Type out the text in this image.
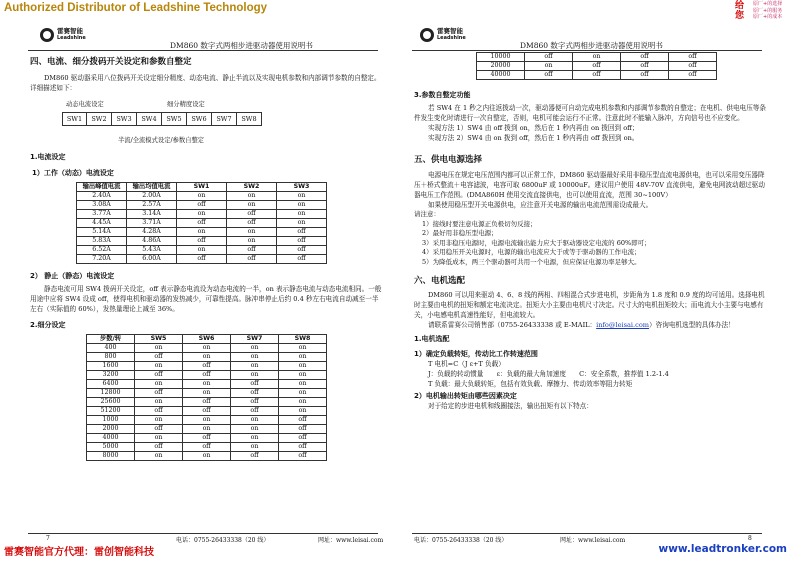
Authorized Distributor of Leadshine Technology	给
您
原厂+的选择
原厂+的服务
原厂+的成本
雷赛智能
Leadshine
DM860 数字式两相步进驱动器使用说明书
雷赛智能
Leadshine
DM860 数字式两相步进驱动器使用说明书
四、电流、细分拨码开关设定和参数自整定

DM860 驱动器采用八位拨码开关设定细分精度、动态电流、静止半流以及实现电机参数和内部调节参数的自整定。详细描述如下：

动态电流设定	细分精度设定
SW1	SW2	SW3	SW4	SW5	SW6	SW7	SW8
半流/全流模式设定/参数自整定
1.电流设定
1）工作（动态）电流设定
输出峰值电流	输出均值电流	SW1	SW2	SW3
2.40A	2.00A	on	on	on
3.08A	2.57A	off	on	on
3.77A	3.14A	on	off	on
4.45A	3.71A	off	off	on
5.14A	4.28A	on	on	off
5.83A	4.86A	off	on	off
6.52A	5.43A	on	off	off
7.20A	6.00A	off	off	off
2） 静止（静态）电流设定

静态电流可用 SW4 拨码开关设定，off 表示静态电流设为动态电流的一半，on 表示静态电流与动态电流相同。一般用途中应将 SW4 设成 off，使得电机和驱动器的发热减少，可靠性提高。脉冲串停止后约 0.4 秒左右电流自动减至一半左右（实际值的 60%），发热量理论上减至 36%。

2.细分设定
步数/转	SW5	SW6	SW7	SW8
400	on	on	on	on
800	off	on	on	on
1600	on	off	on	on
3200	off	off	on	on
6400	on	on	off	on
12800	off	on	off	on
25600	on	off	off	on
51200	off	off	off	on
1000	on	on	on	off
2000	off	on	on	off
4000	on	off	on	off
5000	off	off	on	off
8000	on	on	off	off
7	电话：0755-26433338（20 线）	网址：www.leisai.com
10000	off	on	off	off
20000	on	off	off	off
40000	off	off	off	off
3.参数自整定功能

若 SW4 在 1 秒之内往返拨动一次，驱动器便可自动完成电机参数和内部调节参数的自整定；在电机、供电电压等条件发生变化时请进行一次自整定，否则，电机可能会运行不正常。注意此时不能输入脉冲，方向信号也不应变化。

实现方法 1）SW4 由 off 拨到 on，然后在 1 秒内再由 on 拨回到 off；

实现方法 2）SW4 由 on 拨到 off，然后在 1 秒内再由 off 拨回到 on。

五、供电电源选择

电源电压在规定电压范围内都可以正常工作，DM860 驱动器最好采用非稳压型直流电源供电，也可以采用变压器降压＋桥式整流＋电容滤波，电容可取 6800uF 或 10000uF。建议用户使用 48V-70V 直流供电，避免电网波动超过驱动器电压工作范围。(DMA860H 使用交流直接供电，也可以使用直流，范围 30~100V）

如果使用稳压型开关电源供电，应注意开关电源的输出电流范围需设成最大。

请注意：
1）接线时要注意电源正负极切勿反接；
2）最好用非稳压型电源；
3）采用非稳压电源时，电源电流输出能力应大于驱动器设定电流的 60%即可；
4）采用稳压开关电源时，电源的输出电流应大于或等于驱动器的工作电流；
5）为降低成本，两三个驱动器可共用一个电源，但应保证电源功率足够大。
六、电机选配

DM860 可以用来驱动 4、6、8 线的两相、四相混合式步进电机，步距角为 1.8 度和 0.9 度的均可适用。选择电机时主要由电机的扭矩和额定电流决定。扭矩大小主要由电机尺寸决定。尺寸大的电机扭矩较大；而电流大小主要与电感有关，小电感电机高速性能好，但电流较大。

请联系雷赛公司销售部（0755-26433338 或 E-MAIL：info@leisai.com）咨询电机选型的具体办法！

1.电机选配
1）确定负载转矩，传动比工作转速范围

T 电机=C（J ε+T 负载）

J：负载的转动惯量　　ε：负载的最大角加速度　　C：安全系数，推荐值 1.2-1.4

T 负载：最大负载转矩，包括有效负载、摩擦力、传动效率等阻力转矩

2）电机输出转矩由哪些因素决定

对于给定的步进电机和线圈接法，输出扭矩有以下特点：

电话：0755-26433338（20 线）	网址：www.leisai.com	8
雷赛智能官方代理：雷创智能科技	www.leadtronker.com
